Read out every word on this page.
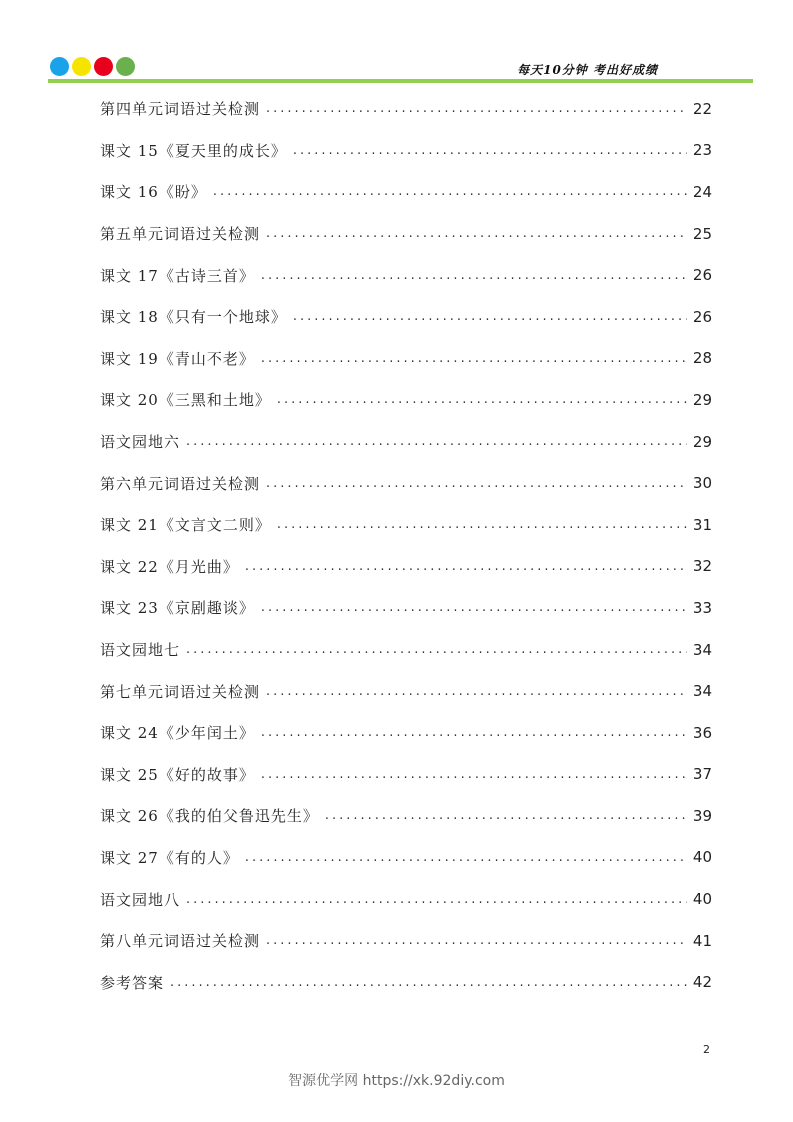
每天10分钟 考出好成绩
第四单元词语过关检测 .....	22
课文 15《夏天里的成长》 .....	23
课文 16《盼》 .....	24
第五单元词语过关检测 .....	25
课文 17《古诗三首》 .....	26
课文 18《只有一个地球》 .....	26
课文 19《青山不老》 .....	28
课文 20《三黑和土地》 .....	29
语文园地六 .....	29
第六单元词语过关检测 .....	30
课文 21《文言文二则》 .....	31
课文 22《月光曲》 .....	32
课文 23《京剧趣谈》 .....	33
语文园地七 .....	34
第七单元词语过关检测 .....	34
课文 24《少年闰土》 .....	36
课文 25《好的故事》 .....	37
课文 26《我的伯父鲁迅先生》 .....	39
课文 27《有的人》 .....	40
语文园地八 .....	40
第八单元词语过关检测 .....	41
参考答案 .....	42
2
智源优学网 https://xk.92diy.com
